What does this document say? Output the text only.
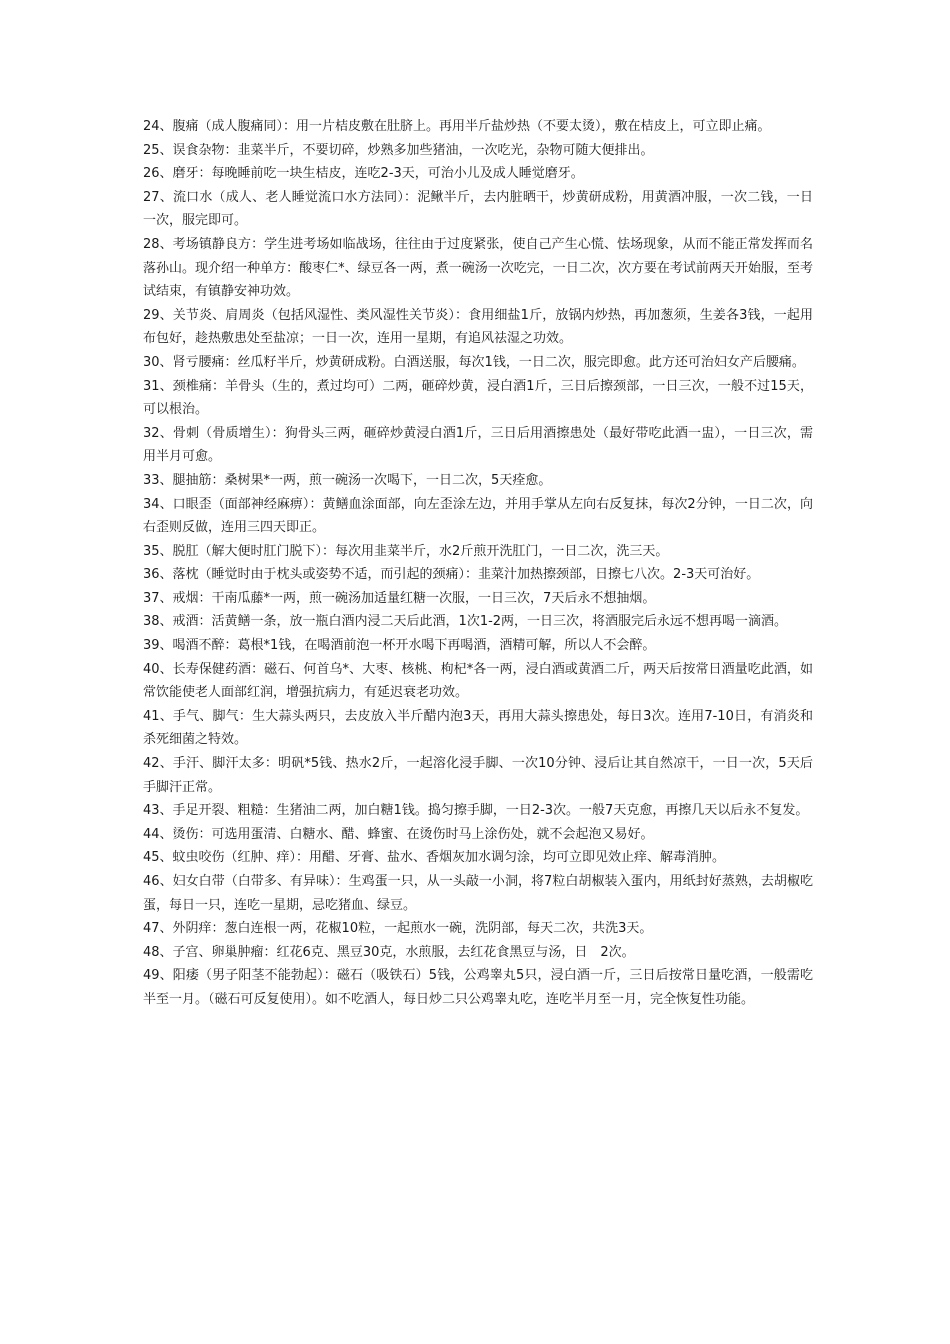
24、腹痛（成人腹痛同）：用一片桔皮敷在肚脐上。再用半斤盐炒热（不要太烫），敷在桔皮上，可立即止痛。

25、误食杂物：韭菜半斤，不要切碎，炒熟多加些猪油，一次吃光，杂物可随大便排出。

26、磨牙：每晚睡前吃一块生桔皮，连吃2-3天，可治小儿及成人睡觉磨牙。

27、流口水（成人、老人睡觉流口水方法同）：泥鳅半斤，去内脏晒干，炒黄研成粉，用黄酒冲服，一次二钱，一日一次，服完即可。

28、考场镇静良方：学生进考场如临战场，往往由于过度紧张，使自己产生心慌、怯场现象，从而不能正常发挥而名落孙山。现介绍一种单方：酸枣仁*、绿豆各一两，煮一碗汤一次吃完，一日二次，次方要在考试前两天开始服，至考试结束，有镇静安神功效。

29、关节炎、肩周炎（包括风湿性、类风湿性关节炎）：食用细盐1斤，放锅内炒热，再加葱须，生姜各3钱，一起用布包好，趁热敷患处至盐凉；一日一次，连用一星期，有追风祛湿之功效。

30、肾亏腰痛：丝瓜籽半斤，炒黄研成粉。白酒送服，每次1钱，一日二次，服完即愈。此方还可治妇女产后腰痛。

31、颈椎痛：羊骨头（生的，煮过均可）二两，砸碎炒黄，浸白酒1斤，三日后擦颈部，一日三次，一般不过15天，可以根治。

32、骨刺（骨质增生）：狗骨头三两，砸碎炒黄浸白酒1斤，三日后用酒擦患处（最好带吃此酒一盅），一日三次，需用半月可愈。

33、腿抽筋：桑树果*一两，煎一碗汤一次喝下，一日二次，5天痊愈。

34、口眼歪（面部神经麻痹）：黄鳝血涂面部，向左歪涂左边，并用手掌从左向右反复抹，每次2分钟，一日二次，向右歪则反做，连用三四天即正。

35、脱肛（解大便时肛门脱下）：每次用韭菜半斤，水2斤煎开洗肛门，一日二次，洗三天。

36、落枕（睡觉时由于枕头或姿势不适，而引起的颈痛）：韭菜汁加热擦颈部，日擦七八次。2-3天可治好。

37、戒烟：干南瓜藤*一两，煎一碗汤加适量红糖一次服，一日三次，7天后永不想抽烟。

38、戒酒：活黄鳝一条，放一瓶白酒内浸二天后此酒，1次1-2两，一日三次，将酒服完后永远不想再喝一滴酒。

39、喝酒不醉：葛根*1钱，在喝酒前泡一杯开水喝下再喝酒，酒精可解，所以人不会醉。

40、长寿保健药酒：磁石、何首乌*、大枣、核桃、枸杞*各一两，浸白酒或黄酒二斤，两天后按常日酒量吃此酒，如常饮能使老人面部红润，增强抗病力，有延迟衰老功效。

41、手气、脚气：生大蒜头两只，去皮放入半斤醋内泡3天，再用大蒜头擦患处，每日3次。连用7-10日，有消炎和杀死细菌之特效。

42、手汗、脚汗太多：明矾*5钱、热水2斤，一起溶化浸手脚、一次10分钟、浸后让其自然凉干，一日一次，5天后手脚汗正常。

43、手足开裂、粗糙：生猪油二两，加白糖1钱。捣匀擦手脚，一日2-3次。一般7天克愈，再擦几天以后永不复发。

44、烫伤：可选用蛋清、白糖水、醋、蜂蜜、在烫伤时马上涂伤处，就不会起泡又易好。

45、蚊虫咬伤（红肿、痒）：用醋、牙膏、盐水、香烟灰加水调匀涂，均可立即见效止痒、解毒消肿。

46、妇女白带（白带多、有异味）：生鸡蛋一只，从一头敲一小洞，将7粒白胡椒装入蛋内，用纸封好蒸熟，去胡椒吃蛋，每日一只，连吃一星期，忌吃猪血、绿豆。

47、外阴痒：葱白连根一两，花椒10粒，一起煎水一碗，洗阴部，每天二次，共洗3天。

48、子宫、卵巢肿瘤：红花6克、黑豆30克，水煎服，去红花食黑豆与汤，日　2次。

49、阳痿（男子阳茎不能勃起）：磁石（吸铁石）5钱，公鸡睾丸5只，浸白酒一斤，三日后按常日量吃酒，一般需吃半至一月。（磁石可反复使用）。如不吃酒人，每日炒二只公鸡睾丸吃，连吃半月至一月，完全恢复性功能。
